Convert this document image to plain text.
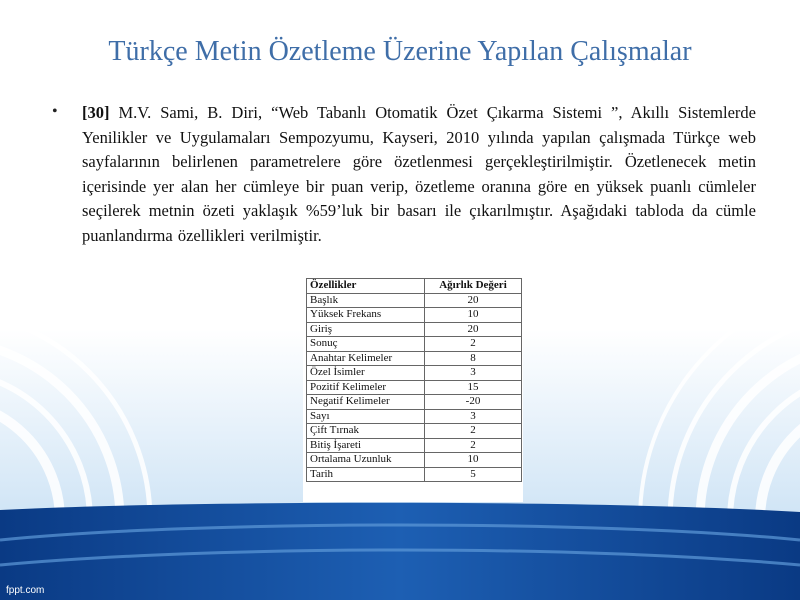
Türkçe Metin Özetleme Üzerine Yapılan Çalışmalar
• [30] M.V. Sami, B. Diri, “Web Tabanlı Otomatik Özet Çıkarma Sistemi ”, Akıllı Sistemlerde Yenilikler ve Uygulamaları Sempozyumu, Kayseri, 2010 yılında yapılan çalışmada Türkçe web sayfalarının belirlenen parametrelere göre özetlenmesi gerçekleştirilmiştir. Özetlenecek metin içerisinde yer alan her cümleye bir puan verip, özetleme oranına göre en yüksek puanlı cümleler seçilerek metnin özeti yaklaşık %59’luk bir basarı ile çıkarılmıştır. Aşağıdaki tabloda da cümle puanlandırma özellikleri verilmiştir.
Özellikler	Ağırlık Değeri
Başlık	20
Yüksek Frekans	10
Giriş	20
Sonuç	2
Anahtar Kelimeler	8
Özel İsimler	3
Pozitif Kelimeler	15
Negatif Kelimeler	-20
Sayı	3
Çift Tırnak	2
Bitiş İşareti	2
Ortalama Uzunluk	10
Tarih	5
fppt.com
